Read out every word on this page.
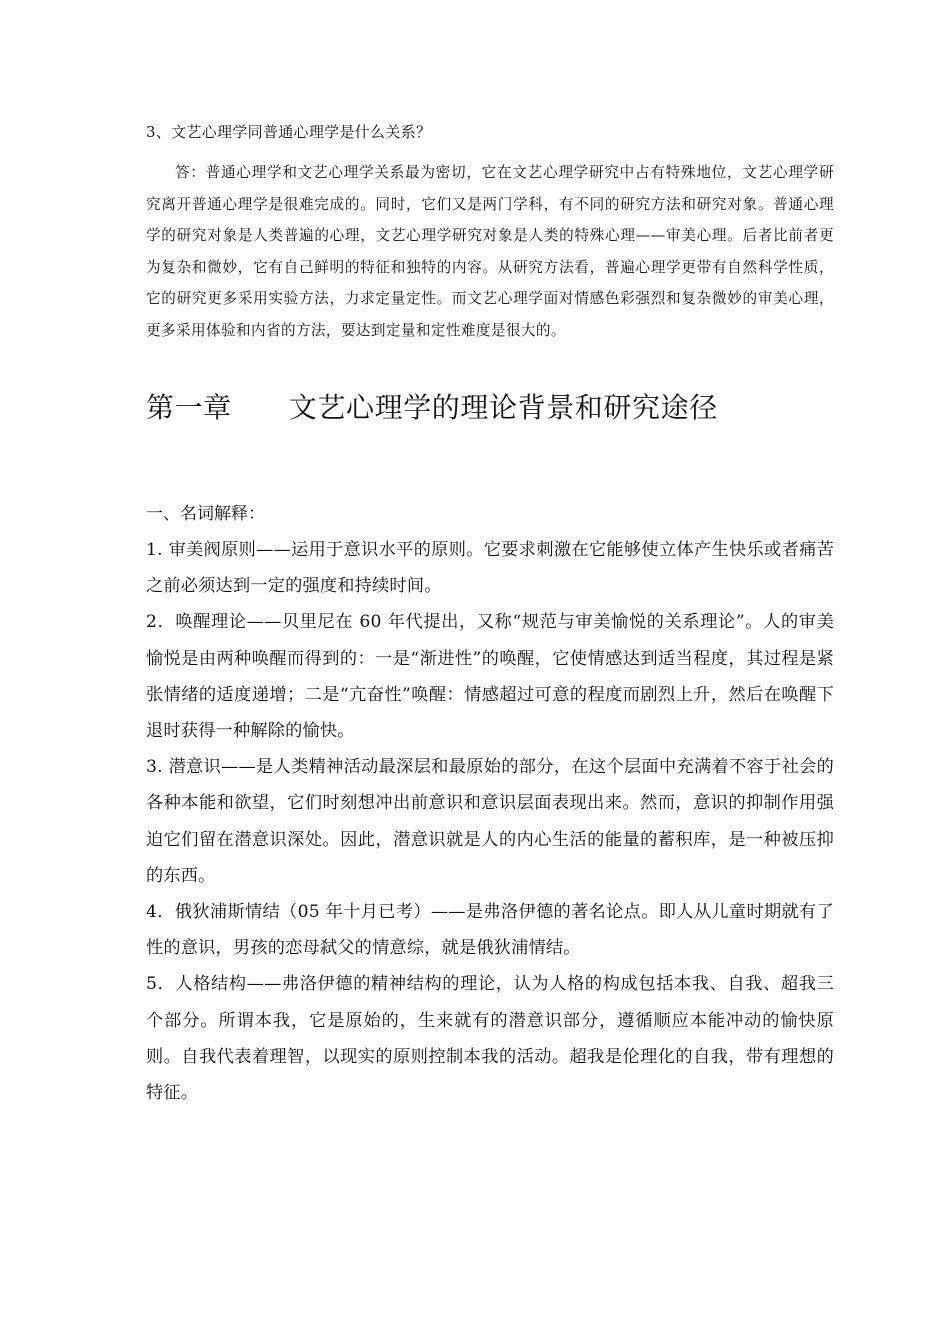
3、文艺心理学同普通心理学是什么关系？

答：普通心理学和文艺心理学关系最为密切，它在文艺心理学研究中占有特殊地位，文艺心理学研究离开普通心理学是很难完成的。同时，它们又是两门学科，有不同的研究方法和研究对象。普通心理学的研究对象是人类普遍的心理，文艺心理学研究对象是人类的特殊心理——审美心理。后者比前者更为复杂和微妙，它有自己鲜明的特征和独特的内容。从研究方法看，普遍心理学更带有自然科学性质，它的研究更多采用实验方法，力求定量定性。而文艺心理学面对情感色彩强烈和复杂微妙的审美心理，更多采用体验和内省的方法，要达到定量和定性难度是很大的。

第一章      文艺心理学的理论背景和研究途径

一、名词解释：

1. 审美阀原则——运用于意识水平的原则。它要求刺激在它能够使立体产生快乐或者痛苦之前必须达到一定的强度和持续时间。

2．唤醒理论——贝里尼在 60 年代提出，又称“规范与审美愉悦的关系理论”。人的审美愉悦是由两种唤醒而得到的：一是“渐进性”的唤醒，它使情感达到适当程度，其过程是紧张情绪的适度递增；二是“亢奋性”唤醒：情感超过可意的程度而剧烈上升，然后在唤醒下退时获得一种解除的愉快。

3. 潜意识——是人类精神活动最深层和最原始的部分，在这个层面中充满着不容于社会的各种本能和欲望，它们时刻想冲出前意识和意识层面表现出来。然而，意识的抑制作用强迫它们留在潜意识深处。因此，潜意识就是人的内心生活的能量的蓄积库，是一种被压抑的东西。

4．俄狄浦斯情结（05 年十月已考）——是弗洛伊德的著名论点。即人从儿童时期就有了性的意识，男孩的恋母弑父的情意综，就是俄狄浦情结。

5．人格结构——弗洛伊德的精神结构的理论，认为人格的构成包括本我、自我、超我三个部分。所谓本我，它是原始的，生来就有的潜意识部分，遵循顺应本能冲动的愉快原则。自我代表着理智，以现实的原则控制本我的活动。超我是伦理化的自我，带有理想的特征。
